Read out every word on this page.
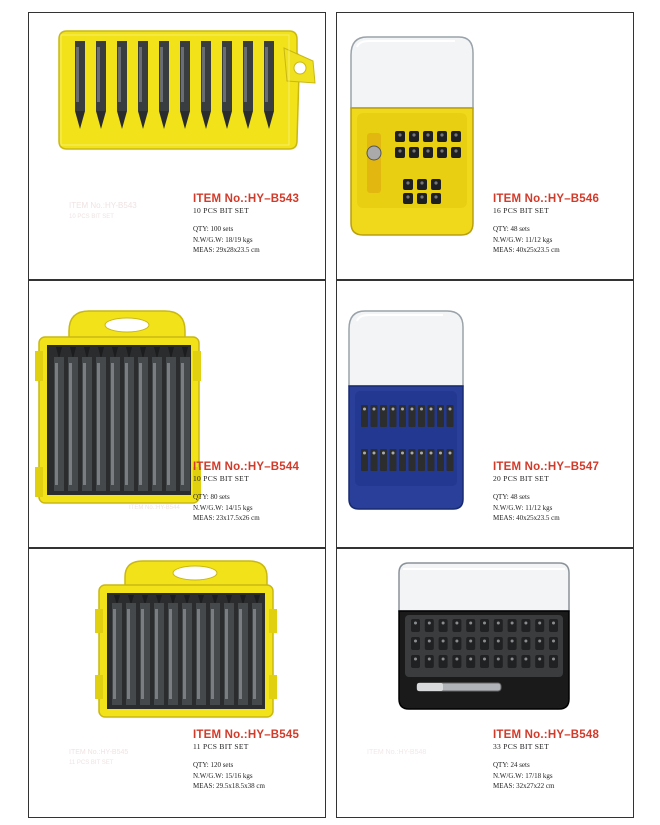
ITEM No.:HY-B543
10 PCS BIT SET
ITEM No.:HY–B543
10 PCS BIT SET
QTY: 100 sets
N.W/G.W: 18/19 kgs
MEAS: 29x28x23.5 cm
ITEM No.:HY–B546
16 PCS BIT SET
QTY: 48 sets
N.W/G.W: 11/12 kgs
MEAS: 40x25x23.5 cm
ITEM No.:HY-B544
ITEM No.:HY–B544
10 PCS BIT SET
QTY: 80 sets
N.W/G.W: 14/15 kgs
MEAS: 23x17.5x26 cm
ITEM No.:HY–B547
20 PCS BIT SET
QTY: 48 sets
N.W/G.W: 11/12 kgs
MEAS: 40x25x23.5 cm
ITEM No.:HY-B545
11 PCS BIT SET
ITEM No.:HY–B545
11 PCS BIT SET
QTY: 120 sets
N.W/G.W: 15/16 kgs
MEAS: 29.5x18.5x38 cm
ITEM No.:HY-B548
ITEM No.:HY–B548
33 PCS BIT SET
QTY: 24 sets
N.W/G.W: 17/18 kgs
MEAS: 32x27x22 cm
